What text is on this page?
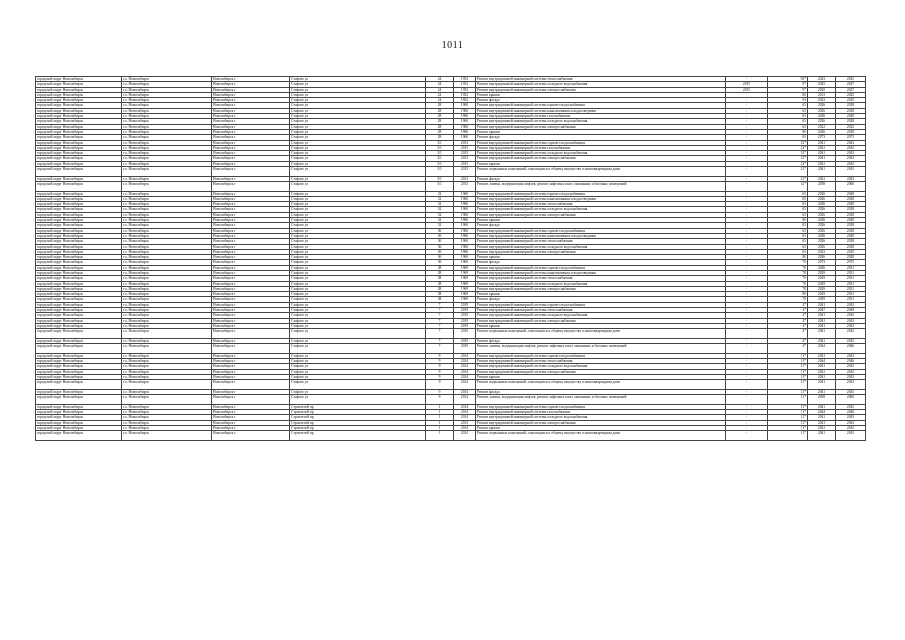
1011
городской округ Новосибирск	г.о. Новосибирск	Новосибирск г	Стофато ул	24	1952	Ремонт внутридомовой инженерной системы теплоснабжения	-	93*	2023	2025
городской округ Новосибирск	г.о. Новосибирск	Новосибирск г	Стофато ул	24	1952	Ремонт внутридомовой инженерной системы холодного водоснабжения	2015	9*	2025	2027
городской округ Новосибирск	г.о. Новосибирск	Новосибирск г	Стофато ул	24	1952	Ремонт внутридомовой инженерной системы электроснабжения	2015	9*	2025	2027
городской округ Новосибирск	г.о. Новосибирск	Новосибирск г	Стофато ул	24	1952	Ремонт крыши	-	80	2013	2025
городской округ Новосибирск	г.о. Новосибирск	Новосибирск г	Стофато ул	24	1952	Ремонт фасада	-	93	2023	2025
городской округ Новосибирск	г.о. Новосибирск	Новосибирск г	Стофато ул	28	1960	Ремонт внутридомовой инженерной системы горячего водоснабжения	-	65	2026	2028
городской округ Новосибирск	г.о. Новосибирск	Новосибирск г	Стофато ул	28	1960	Ремонт внутридомовой инженерной системы канализования и водоотведения	-	65	2026	2028
городской округ Новосибирск	г.о. Новосибирск	Новосибирск г	Стофато ул	28	1960	Ремонт внутридомовой инженерной системы газоснабжения	-	65	2026	2028
городской округ Новосибирск	г.о. Новосибирск	Новосибирск г	Стофато ул	28	1960	Ремонт внутридомовой инженерной системы холодного водоснабжения	-	65	2026	2028
городской округ Новосибирск	г.о. Новосибирск	Новосибирск г	Стофато ул	28	1960	Ремонт внутридомовой инженерной системы электроснабжения	-	65	2022	2022
городской округ Новосибирск	г.о. Новосибирск	Новосибирск г	Стофато ул	28	1960	Ремонт крыши	-	80	2026	2028
городской округ Новосибирск	г.о. Новосибирск	Новосибирск г	Стофато ул	28	1960	Ремонт фасада	-	65	2073	2075
городской округ Новосибирск	г.о. Новосибирск	Новосибирск г	Стофато ул	3/1	2013	Ремонт внутридомовой инженерной системы горячего водоснабжения	-	12*	2041	2043
городской округ Новосибирск	г.о. Новосибирск	Новосибирск г	Стофато ул	3/1	2013	Ремонт внутридомовой инженерной системы газоснабжения	-	12*	2041	2043
городской округ Новосибирск	г.о. Новосибирск	Новосибирск г	Стофато ул	3/1	2013	Ремонт внутридомовой инженерной системы холодного водоснабжения	-	12*	2041	2043
городской округ Новосибирск	г.о. Новосибирск	Новосибирск г	Стофато ул	3/1	2013	Ремонт внутридомовой инженерной системы электроснабжения	-	12*	2041	2043
городской округ Новосибирск	г.о. Новосибирск	Новосибирск г	Стофато ул	3/1	2013	Ремонт крыши	-	12*	2041	2043
городской округ Новосибирск	г.о. Новосибирск	Новосибирск г	Стофато ул	3/1	2013	Ремонт подвальных помещений, относящихся к общему имуществу в многоквартирном доме	-	12*	2041	2043
городской округ Новосибирск	г.о. Новосибирск	Новосибирск г	Стофато ул	3/1	2013	Ремонт фасада	-	12*	2041	2043
городской округ Новосибирск	г.о. Новосибирск	Новосибирск г	Стофато ул	3/1	2013	Ремонт, замена, модернизация лифтов, ремонт лифтовых шахт, машинных и блочных помещений	-	12*	2058	2060
городской округ Новосибирск	г.о. Новосибирск	Новосибирск г	Стофато ул	32	1960	Ремонт внутридомовой инженерной системы горячего водоснабжения	-	65	2026	2028
городской округ Новосибирск	г.о. Новосибирск	Новосибирск г	Стофато ул	32	1960	Ремонт внутридомовой инженерной системы канализования и водоотведения	-	65	2026	2028
городской округ Новосибирск	г.о. Новосибирск	Новосибирск г	Стофато ул	32	1960	Ремонт внутридомовой инженерной системы теплоснабжения	-	65	2026	2028
городской округ Новосибирск	г.о. Новосибирск	Новосибирск г	Стофато ул	32	1960	Ремонт внутридомовой инженерной системы холодного водоснабжения	-	65	2026	2028
городской округ Новосибирск	г.о. Новосибирск	Новосибирск г	Стофато ул	32	1960	Ремонт внутридомовой инженерной системы электроснабжения	-	65	2026	2028
городской округ Новосибирск	г.о. Новосибирск	Новосибирск г	Стофато ул	32	1960	Ремонт крыши	-	80	2026	2028
городской округ Новосибирск	г.о. Новосибирск	Новосибирск г	Стофато ул	32	1960	Ремонт фасада	-	65	2026	2028
городской округ Новосибирск	г.о. Новосибирск	Новосибирск г	Стофато ул	36	1960	Ремонт внутридомовой инженерной системы горячего водоснабжения	-	65	2026	2028
городской округ Новосибирск	г.о. Новосибирск	Новосибирск г	Стофато ул	36	1960	Ремонт внутридомовой инженерной системы канализования и водоотведения	-	65	2026	2028
городской округ Новосибирск	г.о. Новосибирск	Новосибирск г	Стофато ул	36	1960	Ремонт внутридомовой инженерной системы теплоснабжения	-	65	2026	2028
городской округ Новосибирск	г.о. Новосибирск	Новосибирск г	Стофато ул	36	1960	Ремонт внутридомовой инженерной системы холодного водоснабжения	-	65	2026	2028
городской округ Новосибирск	г.о. Новосибирск	Новосибирск г	Стофато ул	36	1960	Ремонт внутридомовой инженерной системы электроснабжения	-	65	2023	2025
городской округ Новосибирск	г.о. Новосибирск	Новосибирск г	Стофато ул	36	1960	Ремонт крыши	-	80	2026	2028
городской округ Новосибирск	г.о. Новосибирск	Новосибирск г	Стофато ул	36	1960	Ремонт фасада	-	70	2073	2075
городской округ Новосибирск	г.о. Новосибирск	Новосибирск г	Стофато ул	38	1969	Ремонт внутридомовой инженерной системы горячего водоснабжения	-	70	2026	2031
городской округ Новосибирск	г.о. Новосибирск	Новосибирск г	Стофато ул	38	1969	Ремонт внутридомовой инженерной системы канализования и водоотведения	-	70	2029	2031
городской округ Новосибирск	г.о. Новосибирск	Новосибирск г	Стофато ул	38	1969	Ремонт внутридомовой инженерной системы теплоснабжения	-	70	2029	2031
городской округ Новосибирск	г.о. Новосибирск	Новосибирск г	Стофато ул	38	1969	Ремонт внутридомовой инженерной системы холодного водоснабжения	-	70	2029	2031
городской округ Новосибирск	г.о. Новосибирск	Новосибирск г	Стофато ул	38	1969	Ремонт внутридомовой инженерной системы электроснабжения	-	70	2029	2031
городской округ Новосибирск	г.о. Новосибирск	Новосибирск г	Стофато ул	38	1969	Ремонт крыши	-	80	2029	2031
городской округ Новосибирск	г.о. Новосибирск	Новосибирск г	Стофато ул	38	1969	Ремонт фасада	-	70	2029	2031
городской округ Новосибирск	г.о. Новосибирск	Новосибирск г	Стофато ул	7	2019	Ремонт внутридомовой инженерной системы горячего водоснабжения	-	4*	2041	2043
городской округ Новосибирск	г.о. Новосибирск	Новосибирск г	Стофато ул	7	2019	Ремонт внутридомовой инженерной системы теплоснабжения	-	4*	2047	2049
городской округ Новосибирск	г.о. Новосибирск	Новосибирск г	Стофато ул	7	2019	Ремонт внутридомовой инженерной системы холодного водоснабжения	-	4*	2041	2043
городской округ Новосибирск	г.о. Новосибирск	Новосибирск г	Стофато ул	7	2019	Ремонт внутридомовой инженерной системы электроснабжения	-	4*	2041	2043
городской округ Новосибирск	г.о. Новосибирск	Новосибирск г	Стофато ул	7	2019	Ремонт крыши	-	4*	2041	2043
городской округ Новосибирск	г.о. Новосибирск	Новосибирск г	Стофато ул	7	2019	Ремонт подвальных помещений, относящихся к общему имуществу в многоквартирном доме	-	4*	2041	2043
городской округ Новосибирск	г.о. Новосибирск	Новосибирск г	Стофато ул	7	2019	Ремонт фасада	-	4*	2041	2043
городской округ Новосибирск	г.о. Новосибирск	Новосибирск г	Стофато ул	7	2019	Ремонт, замена, модернизация лифтов, ремонт лифтовых шахт, машинных и блочных помещений	-	4*	2044	2046
городской округ Новосибирск	г.о. Новосибирск	Новосибирск г	Стофато ул	9	2014	Ремонт внутридомовой инженерной системы горячего водоснабжения	-	11*	2041	2043
городской округ Новосибирск	г.о. Новосибирск	Новосибирск г	Стофато ул	9	2014	Ремонт внутридомовой инженерной системы теплоснабжения	-	11*	2044	2046
городской округ Новосибирск	г.о. Новосибирск	Новосибирск г	Стофато ул	9	2014	Ремонт внутридомовой инженерной системы холодного водоснабжения	-	11*	2041	2043
городской округ Новосибирск	г.о. Новосибирск	Новосибирск г	Стофато ул	9	2014	Ремонт внутридомовой инженерной системы электроснабжения	-	11*	2041	2043
городской округ Новосибирск	г.о. Новосибирск	Новосибирск г	Стофато ул	9	2014	Ремонт крыши	-	11*	2041	2043
городской округ Новосибирск	г.о. Новосибирск	Новосибирск г	Стофато ул	9	2014	Ремонт подвальных помещений, относящихся к общему имуществу в многоквартирном доме	-	11*	2041	2043
городской округ Новосибирск	г.о. Новосибирск	Новосибирск г	Стофато ул	9	2014	Ремонт фасада	-	11*	2041	2043
городской округ Новосибирск	г.о. Новосибирск	Новосибирск г	Стофато ул	9	2014	Ремонт, замена, модернизация лифтов, ремонт лифтовых шахт, машинных и блочных помещений	-	11*	2058	2060
городской округ Новосибирск	г.о. Новосибирск	Новосибирск г	Строителей пр	1	2014	Ремонт внутридомовой инженерной системы горячего водоснабжения	-	11*	2041	2043
городской округ Новосибирск	г.о. Новосибирск	Новосибирск г	Строителей пр	1	2014	Ремонт внутридомовой инженерной системы газоснабжения	-	11*	2044	2046
городской округ Новосибирск	г.о. Новосибирск	Новосибирск г	Строителей пр	1	2014	Ремонт внутридомовой инженерной системы холодного водоснабжения	-	11*	2041	2043
городской округ Новосибирск	г.о. Новосибирск	Новосибирск г	Строителей пр	1	2014	Ремонт внутридомовой инженерной системы электроснабжения	-	11*	2041	2043
городской округ Новосибирск	г.о. Новосибирск	Новосибирск г	Строителей пр	1	2014	Ремонт крыши	-	11*	2041	2043
городской округ Новосибирск	г.о. Новосибирск	Новосибирск г	Строителей пр	1	2014	Ремонт подвальных помещений, относящихся к общему имуществу в многоквартирном доме	-	11*	2041	2043
